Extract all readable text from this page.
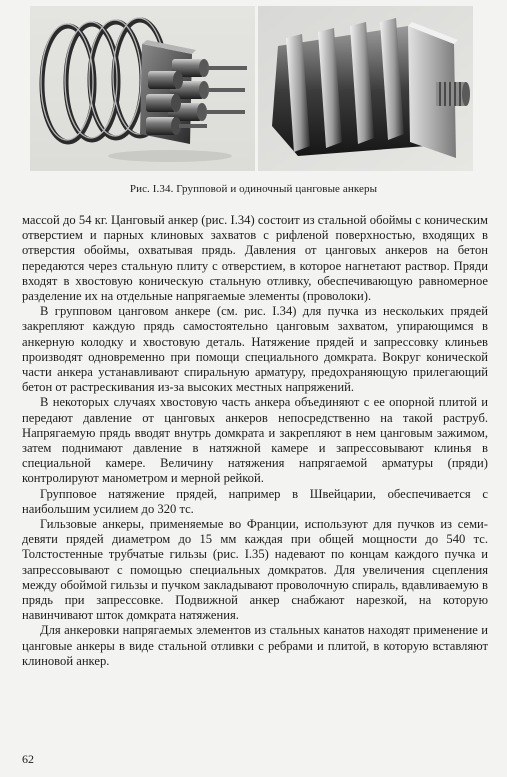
Рис. I.34. Групповой и одиночный цанговые анкеры

массой до 54 кг. Цанговый анкер (рис. I.34) состоит из стальной обоймы с коническим отверстием и парных клиновых захватов с рифленой поверхностью, входящих в отверстия обоймы, охватывая прядь. Давления от цанговых анкеров на бетон передаются через стальную плиту с отверстием, в которое нагнетают раствор. Пряди входят в хвостовую коническую стальную отливку, обеспечивающую равномерное разделение их на отдельные напрягаемые элементы (проволоки).

В групповом цанговом анкере (см. рис. I.34) для пучка из нескольких прядей закрепляют каждую прядь самостоятельно цанговым захватом, упирающимся в анкерную колодку и хвостовую деталь. Натяжение прядей и запрессовку клиньев производят одновременно при помощи специального домкрата. Вокруг конической части анкера устанавливают спиральную арматуру, предохраняющую прилегающий бетон от растрескивания из-за высоких местных напряжений.

В некоторых случаях хвостовую часть анкера объединяют с ее опорной плитой и передают давление от цанговых анкеров непосредственно на такой раструб. Напрягаемую прядь вводят внутрь домкрата и закрепляют в нем цанговым зажимом, затем поднимают давление в натяжной камере и запрессовывают клинья в специальной камере. Величину натяжения напрягаемой арматуры (пряди) контролируют манометром и мерной рейкой.

Групповое натяжение прядей, например в Швейцарии, обеспечивается с наибольшим усилием до 320 тс.

Гильзовые анкеры, применяемые во Франции, используют для пучков из семи-девяти прядей диаметром до 15 мм каждая при общей мощности до 540 тс. Толстостенные трубчатые гильзы (рис. I.35) надевают по концам каждого пучка и запрессовывают с помощью специальных домкратов. Для увеличения сцепления между обоймой гильзы и пучком закладывают проволочную спираль, вдавливаемую в прядь при запрессовке. Подвижной анкер снабжают нарезкой, на которую навинчивают шток домкрата натяжения.

Для анкеровки напрягаемых элементов из стальных канатов находят применение и цанговые анкеры в виде стальной отливки с ребрами и плитой, в которую вставляют клиновой анкер.

62
